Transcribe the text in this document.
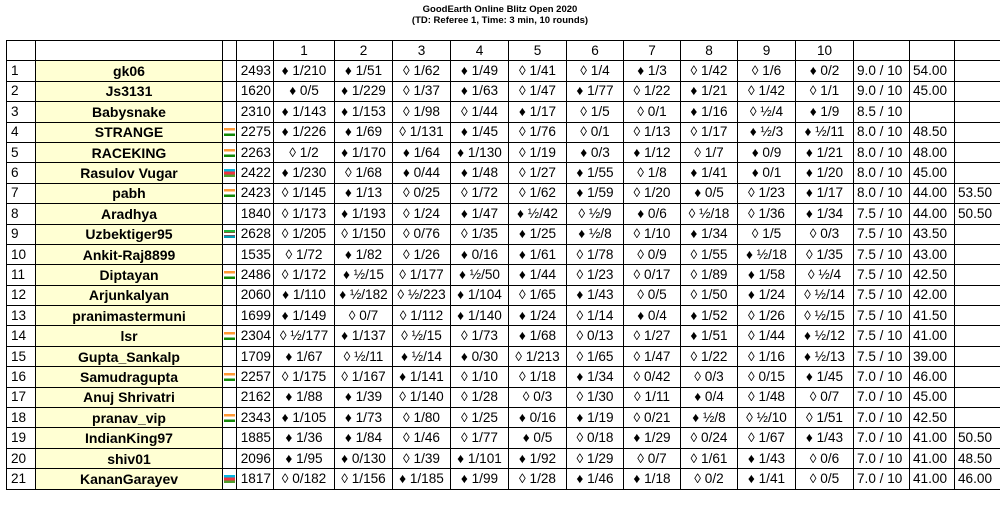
GoodEarth Online Blitz Open 2020
(TD: Referee 1, Time: 3 min, 10 rounds)
				1	2	3	4	5	6	7	8	9	10			
1	gk06		2493	♦ 1/210	♦ 1/51	◊ 1/62	♦ 1/49	◊ 1/41	◊ 1/4	♦ 1/3	◊ 1/42	◊ 1/6	♦ 0/2	9.0 / 10	54.00	
2	Js3131		1620	♦ 0/5	♦ 1/229	◊ 1/37	♦ 1/63	◊ 1/47	♦ 1/77	◊ 1/22	♦ 1/21	◊ 1/42	◊ 1/1	9.0 / 10	45.00	
3	Babysnake		2310	♦ 1/143	♦ 1/153	◊ 1/98	◊ 1/44	♦ 1/17	◊ 1/5	◊ 0/1	♦ 1/16	◊ ½/4	♦ 1/9	8.5 / 10		
4	STRANGE		2275	♦ 1/226	♦ 1/69	◊ 1/131	♦ 1/45	◊ 1/76	◊ 0/1	◊ 1/13	◊ 1/17	♦ ½/3	♦ ½/11	8.0 / 10	48.50	
5	RACEKING		2263	◊ 1/2	♦ 1/170	♦ 1/64	♦ 1/130	◊ 1/19	♦ 0/3	♦ 1/12	◊ 1/7	♦ 0/9	♦ 1/21	8.0 / 10	48.00	
6	Rasulov Vugar		2422	♦ 1/230	◊ 1/68	♦ 0/44	♦ 1/48	◊ 1/27	♦ 1/55	◊ 1/8	♦ 1/41	♦ 0/1	♦ 1/20	8.0 / 10	45.00	
7	pabh		2423	◊ 1/145	♦ 1/13	◊ 0/25	◊ 1/72	◊ 1/62	♦ 1/59	◊ 1/20	♦ 0/5	◊ 1/23	♦ 1/17	8.0 / 10	44.00	53.50
8	Aradhya		1840	◊ 1/173	♦ 1/193	◊ 1/24	♦ 1/47	♦ ½/42	◊ ½/9	♦ 0/6	◊ ½/18	◊ 1/36	♦ 1/34	7.5 / 10	44.00	50.50
9	Uzbektiger95		2628	◊ 1/205	◊ 1/150	◊ 0/76	◊ 1/35	♦ 1/25	♦ ½/8	◊ 1/10	♦ 1/34	◊ 1/5	◊ 0/3	7.5 / 10	43.50	
10	Ankit-Raj8899		1535	◊ 1/72	♦ 1/82	◊ 1/26	♦ 0/16	♦ 1/61	◊ 1/78	◊ 0/9	◊ 1/55	♦ ½/18	◊ 1/35	7.5 / 10	43.00	
11	Diptayan		2486	◊ 1/172	♦ ½/15	◊ 1/177	♦ ½/50	♦ 1/44	◊ 1/23	◊ 0/17	◊ 1/89	♦ 1/58	◊ ½/4	7.5 / 10	42.50	
12	Arjunkalyan		2060	♦ 1/110	♦ ½/182	◊ ½/223	♦ 1/104	◊ 1/65	♦ 1/43	◊ 0/5	◊ 1/50	♦ 1/24	◊ ½/14	7.5 / 10	42.00	
13	pranimastermuni		1699	♦ 1/149	◊ 0/7	◊ 1/112	♦ 1/140	♦ 1/24	◊ 1/14	♦ 0/4	♦ 1/52	◊ 1/26	◊ ½/15	7.5 / 10	41.50	
14	lsr		2304	◊ ½/177	♦ 1/137	◊ ½/15	◊ 1/73	♦ 1/68	◊ 0/13	◊ 1/27	♦ 1/51	◊ 1/44	♦ ½/12	7.5 / 10	41.00	
15	Gupta_Sankalp		1709	♦ 1/67	◊ ½/11	♦ ½/14	♦ 0/30	◊ 1/213	◊ 1/65	◊ 1/47	◊ 1/22	◊ 1/16	♦ ½/13	7.5 / 10	39.00	
16	Samudragupta		2257	◊ 1/175	◊ 1/167	♦ 1/141	◊ 1/10	◊ 1/18	♦ 1/34	◊ 0/42	◊ 0/3	◊ 0/15	♦ 1/45	7.0 / 10	46.00	
17	Anuj Shrivatri		2162	♦ 1/88	♦ 1/39	◊ 1/140	◊ 1/28	◊ 0/3	◊ 1/30	◊ 1/11	♦ 0/4	◊ 1/48	◊ 0/7	7.0 / 10	45.00	
18	pranav_vip		2343	♦ 1/105	♦ 1/73	◊ 1/80	◊ 1/25	♦ 0/16	♦ 1/19	◊ 0/21	♦ ½/8	◊ ½/10	◊ 1/51	7.0 / 10	42.50	
19	IndianKing97		1885	♦ 1/36	♦ 1/84	◊ 1/46	◊ 1/77	♦ 0/5	◊ 0/18	♦ 1/29	◊ 0/24	◊ 1/67	♦ 1/43	7.0 / 10	41.00	50.50
20	shiv01		2096	♦ 1/95	♦ 0/130	◊ 1/39	♦ 1/101	♦ 1/92	◊ 1/29	◊ 0/7	◊ 1/61	♦ 1/43	◊ 0/6	7.0 / 10	41.00	48.50
21	KananGarayev		1817	◊ 0/182	◊ 1/156	♦ 1/185	♦ 1/99	◊ 1/28	♦ 1/46	♦ 1/18	◊ 0/2	♦ 1/41	◊ 0/5	7.0 / 10	41.00	46.00
